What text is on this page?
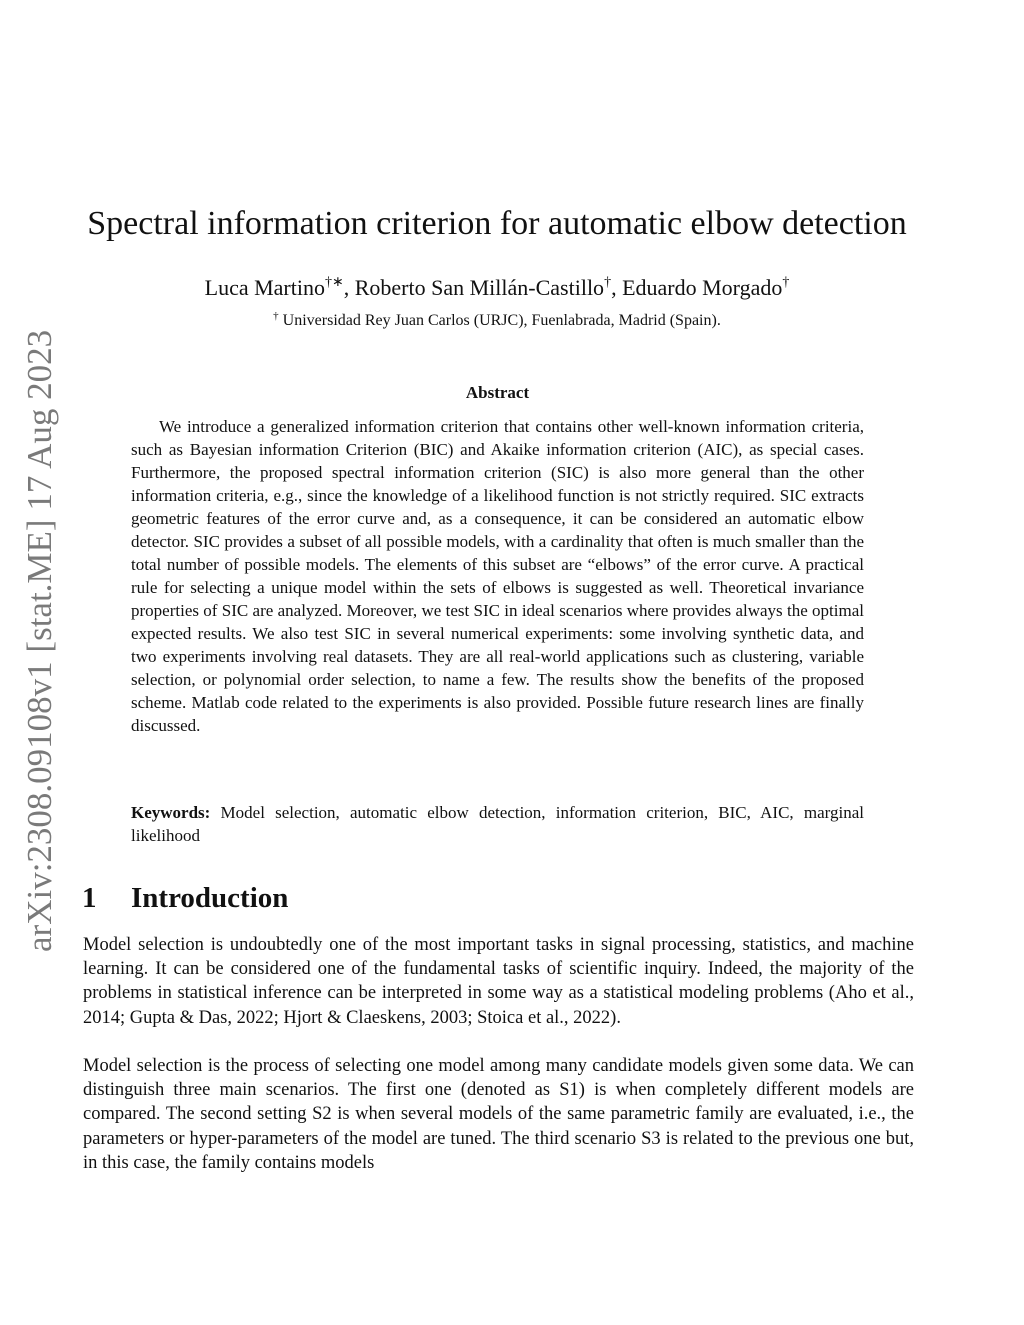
arXiv:2308.09108v1 [stat.ME] 17 Aug 2023
Spectral information criterion for automatic elbow detection
Luca Martino†∗, Roberto San Millán-Castillo†, Eduardo Morgado†
† Universidad Rey Juan Carlos (URJC), Fuenlabrada, Madrid (Spain).
Abstract

We introduce a generalized information criterion that contains other well-known information criteria, such as Bayesian information Criterion (BIC) and Akaike information criterion (AIC), as special cases. Furthermore, the proposed spectral information criterion (SIC) is also more general than the other information criteria, e.g., since the knowledge of a likelihood function is not strictly required. SIC extracts geometric features of the error curve and, as a consequence, it can be considered an automatic elbow detector. SIC provides a subset of all possible models, with a cardinality that often is much smaller than the total number of possible models. The elements of this subset are “elbows” of the error curve. A practical rule for selecting a unique model within the sets of elbows is suggested as well. Theoretical invariance properties of SIC are analyzed. Moreover, we test SIC in ideal scenarios where provides always the optimal expected results. We also test SIC in several numerical experiments: some involving synthetic data, and two experiments involving real datasets. They are all real-world applications such as clustering, variable selection, or polynomial order selection, to name a few. The results show the benefits of the proposed scheme. Matlab code related to the experiments is also provided. Possible future research lines are finally discussed.

Keywords: Model selection, automatic elbow detection, information criterion, BIC, AIC, marginal likelihood

1 Introduction

Model selection is undoubtedly one of the most important tasks in signal processing, statistics, and machine learning. It can be considered one of the fundamental tasks of scientific inquiry. Indeed, the majority of the problems in statistical inference can be interpreted in some way as a statistical modeling problems (Aho et al., 2014; Gupta & Das, 2022; Hjort & Claeskens, 2003; Stoica et al., 2022).

Model selection is the process of selecting one model among many candidate models given some data. We can distinguish three main scenarios. The first one (denoted as S1) is when completely different models are compared. The second setting S2 is when several models of the same parametric family are evaluated, i.e., the parameters or hyper-parameters of the model are tuned. The third scenario S3 is related to the previous one but, in this case, the family contains models
